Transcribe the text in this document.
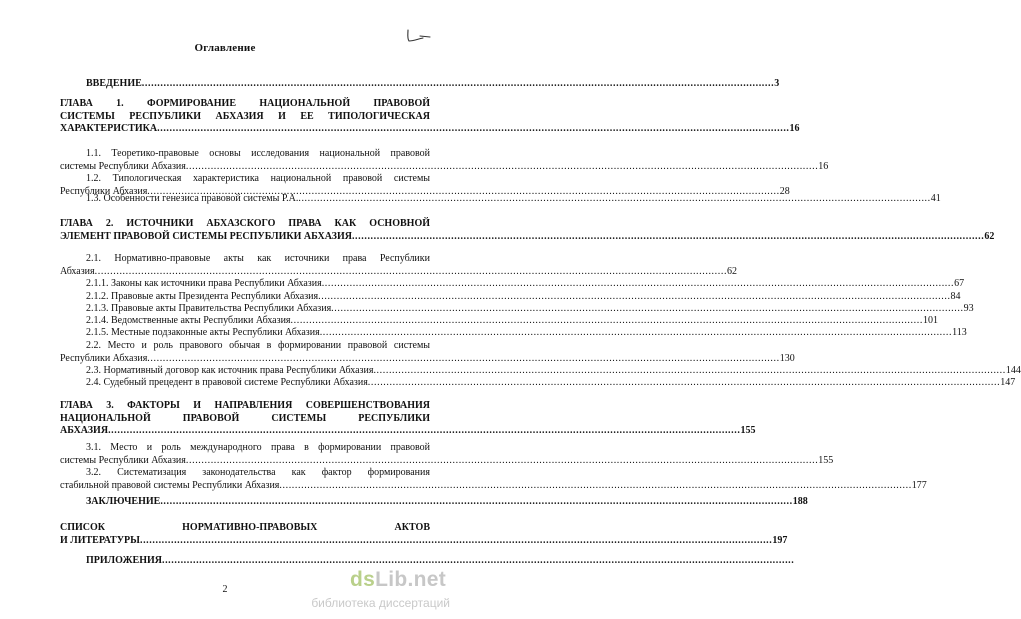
Оглавление
ВВЕДЕНИЕ .....	3
ГЛАВА 1. ФОРМИРОВАНИЕ НАЦИОНАЛЬНОЙ ПРАВОВОЙ
СИСТЕМЫ РЕСПУБЛИКИ АБХАЗИЯ И ЕЕ ТИПОЛОГИЧЕСКАЯ
ХАРАКТЕРИСТИКА .....	16
1.1. Теоретико-правовые основы исследования национальной правовой
системы Республики Абхазия .....	16
1.2. Типологическая характеристика национальной правовой системы
Республики Абхазия .....	28
1.3. Особенности генезиса правовой системы Р.А. .....	41
ГЛАВА 2. ИСТОЧНИКИ АБХАЗСКОГО ПРАВА КАК ОСНОВНОЙ
ЭЛЕМЕНТ ПРАВОВОЙ СИСТЕМЫ РЕСПУБЛИКИ АБХАЗИЯ .....	62
2.1. Нормативно-правовые акты как источники права Республики
Абхазия .....	62
2.1.1. Законы как источники права Республики Абхазия .....	67
2.1.2. Правовые акты Президента Республики Абхазия .....	84
2.1.3. Правовые акты Правительства Республики Абхазия .....	93
2.1.4. Ведомственные акты Республики Абхазия .....	101
2.1.5. Местные подзаконные акты Республики Абхазия .....	113
2.2. Место и роль правового обычая в формировании правовой системы
Республики Абхазия .....	130
2.3. Нормативный договор как источник права Республики Абхазия .....	144
2.4. Судебный прецедент в правовой системе Республики Абхазия .....	147
ГЛАВА 3. ФАКТОРЫ И НАПРАВЛЕНИЯ СОВЕРШЕНСТВОВАНИЯ
НАЦИОНАЛЬНОЙ ПРАВОВОЙ СИСТЕМЫ РЕСПУБЛИКИ
АБХАЗИЯ .....	155
3.1. Место и роль международного права в формировании правовой
системы Республики Абхазия .....	155
3.2. Систематизация законодательства как фактор формирования
стабильной правовой системы Республики Абхазия .....	177
ЗАКЛЮЧЕНИЕ .....	188
СПИСОК НОРМАТИВНО-ПРАВОВЫХ АКТОВ
И ЛИТЕРАТУРЫ .....	197
ПРИЛОЖЕНИЯ .....
2	dsLib.net
библиотека диссертаций
